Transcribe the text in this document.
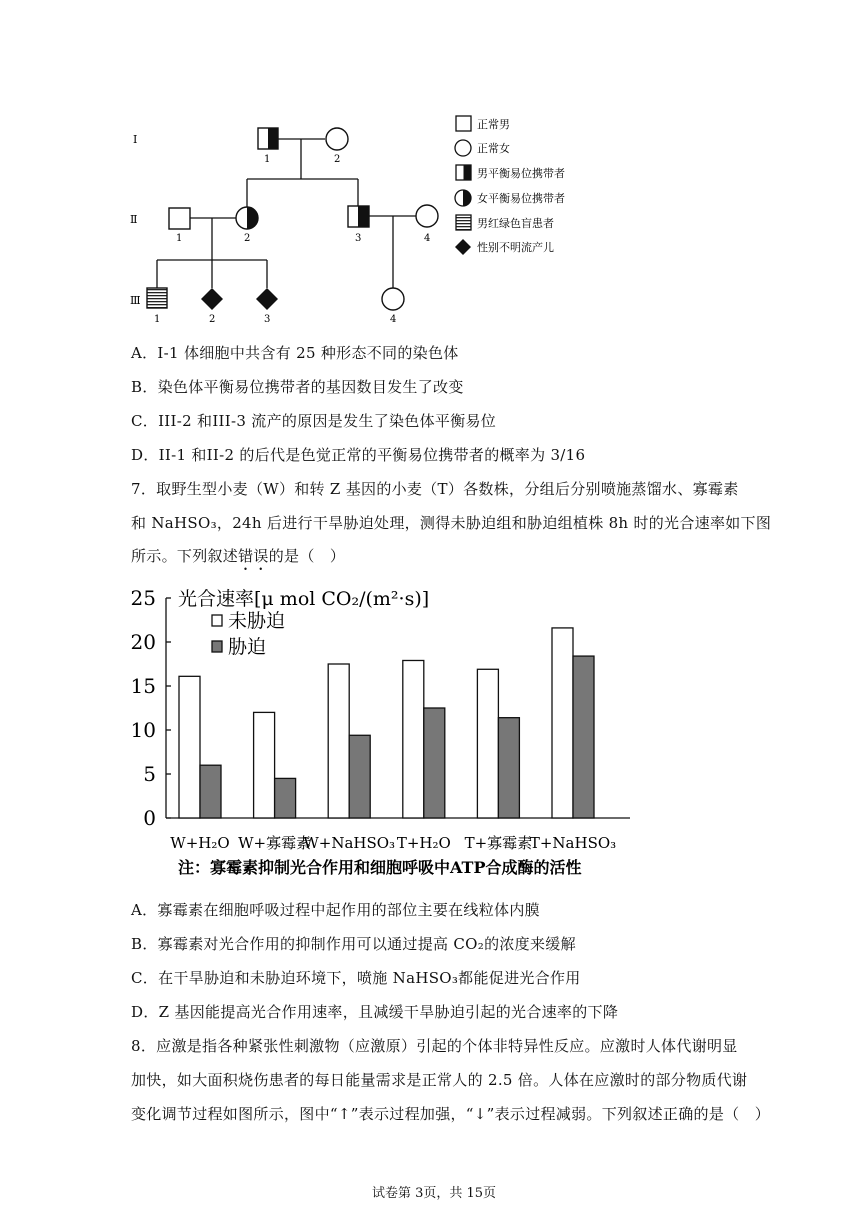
I
Ⅱ
Ⅲ
1	2
1	2	3	4
1	2	3	4
正常男
正常女
男平衡易位携带者
女平衡易位携带者
男红绿色盲患者
性别不明流产儿
A．I-1 体细胞中共含有 25 种形态不同的染色体
B．染色体平衡易位携带者的基因数目发生了改变
C．III-2 和III-3 流产的原因是发生了染色体平衡易位
D．II-1 和II-2 的后代是色觉正常的平衡易位携带者的概率为 3/16
7．取野生型小麦（W）和转 Z 基因的小麦（T）各数株，分组后分别喷施蒸馏水、寡霉素
和 NaHSO₃，24h 后进行干旱胁迫处理，测得未胁迫组和胁迫组植株 8h 时的光合速率如下图
所示。下列叙述错误的是（　）
0
5
10
15
20
25
W+H₂O W+寡霉素
W+NaHSO₃ T+H₂O T+寡霉素
T+NaHSO₃
光合速率[μ mol CO₂/(m²·s)]
未胁迫
胁迫
注：寡霉素抑制光合作用和细胞呼吸中ATP合成酶的活性
A．寡霉素在细胞呼吸过程中起作用的部位主要在线粒体内膜
B．寡霉素对光合作用的抑制作用可以通过提高 CO₂的浓度来缓解
C．在干旱胁迫和未胁迫环境下，喷施 NaHSO₃都能促进光合作用
D．Z 基因能提高光合作用速率，且减缓干旱胁迫引起的光合速率的下降
8．应激是指各种紧张性刺激物（应激原）引起的个体非特异性反应。应激时人体代谢明显
加快，如大面积烧伤患者的每日能量需求是正常人的 2.5 倍。人体在应激时的部分物质代谢
变化调节过程如图所示，图中“↑”表示过程加强，“↓”表示过程减弱。下列叙述正确的是（　）
试卷第 3页，共 15页
